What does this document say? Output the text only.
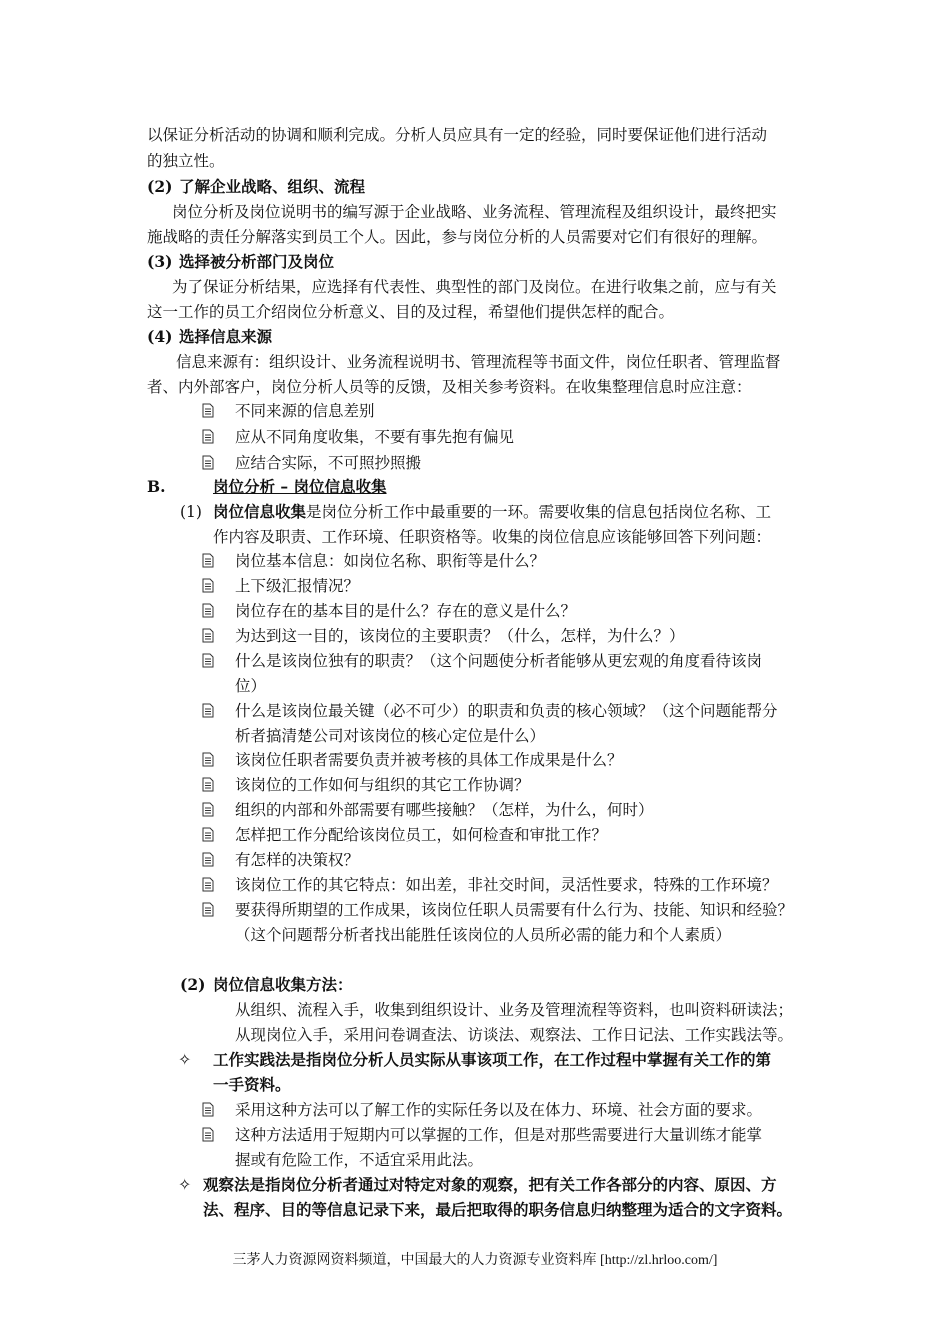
以保证分析活动的协调和顺利完成。分析人员应具有一定的经验，同时要保证他们进行活动
的独立性。
(2) 了解企业战略、组织、流程
岗位分析及岗位说明书的编写源于企业战略、业务流程、管理流程及组织设计，最终把实
施战略的责任分解落实到员工个人。因此，参与岗位分析的人员需要对它们有很好的理解。
(3) 选择被分析部门及岗位
为了保证分析结果，应选择有代表性、典型性的部门及岗位。在进行收集之前，应与有关
这一工作的员工介绍岗位分析意义、目的及过程，希望他们提供怎样的配合。
(4) 选择信息来源
信息来源有：组织设计、业务流程说明书、管理流程等书面文件，岗位任职者、管理监督
者、内外部客户，岗位分析人员等的反馈，及相关参考资料。在收集整理信息时应注意：
不同来源的信息差别
应从不同角度收集，不要有事先抱有偏见
应结合实际，不可照抄照搬
B.	岗位分析 – 岗位信息收集
(1) 岗位信息收集是岗位分析工作中最重要的一环。需要收集的信息包括岗位名称、工
作内容及职责、工作环境、任职资格等。收集的岗位信息应该能够回答下列问题：
岗位基本信息：如岗位名称、职衔等是什么？
上下级汇报情况？
岗位存在的基本目的是什么？存在的意义是什么？
为达到这一目的，该岗位的主要职责？（什么，怎样，为什么？）
什么是该岗位独有的职责？（这个问题使分析者能够从更宏观的角度看待该岗
位）
什么是该岗位最关键（必不可少）的职责和负责的核心领域？（这个问题能帮分
析者搞清楚公司对该岗位的核心定位是什么）
该岗位任职者需要负责并被考核的具体工作成果是什么？
该岗位的工作如何与组织的其它工作协调？
组织的内部和外部需要有哪些接触？（怎样，为什么，何时）
怎样把工作分配给该岗位员工，如何检查和审批工作？
有怎样的决策权？
该岗位工作的其它特点：如出差，非社交时间，灵活性要求，特殊的工作环境？
要获得所期望的工作成果，该岗位任职人员需要有什么行为、技能、知识和经验？
（这个问题帮分析者找出能胜任该岗位的人员所必需的能力和个人素质）
(2) 岗位信息收集方法：
从组织、流程入手，收集到组织设计、业务及管理流程等资料，也叫资料研读法；
从现岗位入手，采用问卷调查法、访谈法、观察法、工作日记法、工作实践法等。
✧ 工作实践法是指岗位分析人员实际从事该项工作，在工作过程中掌握有关工作的第
一手资料。
采用这种方法可以了解工作的实际任务以及在体力、环境、社会方面的要求。
这种方法适用于短期内可以掌握的工作，但是对那些需要进行大量训练才能掌
握或有危险工作，不适宜采用此法。
✧ 观察法是指岗位分析者通过对特定对象的观察，把有关工作各部分的内容、原因、方
法、程序、目的等信息记录下来，最后把取得的职务信息归纳整理为适合的文字资料。
三茅人力资源网资料频道，中国最大的人力资源专业资料库 [http://zl.hrloo.com/]
